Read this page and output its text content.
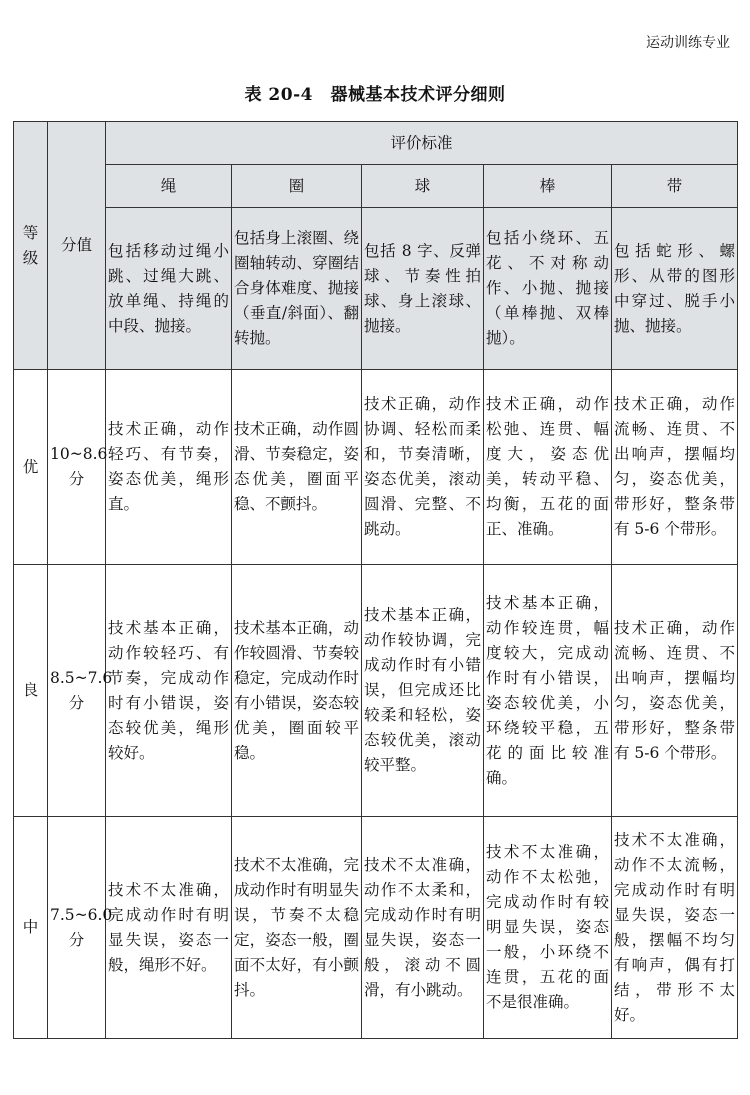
运动训练专业
表 20-4　器械基本技术评分细则
等级	分值	评价标准				
		绳	圈	球	棒	带
		包括移动过绳小跳、过绳大跳、放单绳、持绳的中段、抛接。	包括身上滚圈、绕圈轴转动、穿圈结合身体难度、抛接（垂直/斜面）、翻转抛。	包括 8 字、反弹球、节奏性拍球、身上滚球、抛接。	包括小绕环、五花、不对称动作、小抛、抛接（单棒抛、双棒抛）。	包括蛇形、螺形、从带的图形中穿过、脱手小抛、抛接。
优	10~8.6 分	技术正确，动作轻巧、有节奏，姿态优美，绳形直。	技术正确，动作圆滑、节奏稳定，姿态优美，圈面平稳、不颤抖。	技术正确，动作协调、轻松而柔和，节奏清晰，姿态优美，滚动圆滑、完整、不跳动。	技术正确，动作松弛、连贯、幅度大，姿态优美，转动平稳、均衡，五花的面正、准确。	技术正确，动作流畅、连贯、不出响声，摆幅均匀，姿态优美，带形好，整条带有 5-6 个带形。
良	8.5~7.6 分	技术基本正确，动作较轻巧、有节奏，完成动作时有小错误，姿态较优美，绳形较好。	技术基本正确，动作较圆滑、节奏较稳定，完成动作时有小错误，姿态较优美，圈面较平稳。	技术基本正确，动作较协调，完成动作时有小错误，但完成还比较柔和轻松，姿态较优美，滚动较平整。	技术基本正确，动作较连贯，幅度较大，完成动作时有小错误，姿态较优美，小环绕较平稳，五花的面比较准确。	技术正确，动作流畅、连贯、不出响声，摆幅均匀，姿态优美，带形好，整条带有 5-6 个带形。
中	7.5~6.0 分	技术不太准确，完成动作时有明显失误，姿态一般，绳形不好。	技术不太准确，完成动作时有明显失误，节奏不太稳定，姿态一般，圈面不太好，有小颤抖。	技术不太准确，动作不太柔和，完成动作时有明显失误，姿态一般，滚动不圆滑，有小跳动。	技术不太准确，动作不太松弛，完成动作时有较明显失误，姿态一般，小环绕不连贯，五花的面不是很准确。	技术不太准确，动作不太流畅，完成动作时有明显失误，姿态一般，摆幅不均匀有响声，偶有打结，带形不太好。
